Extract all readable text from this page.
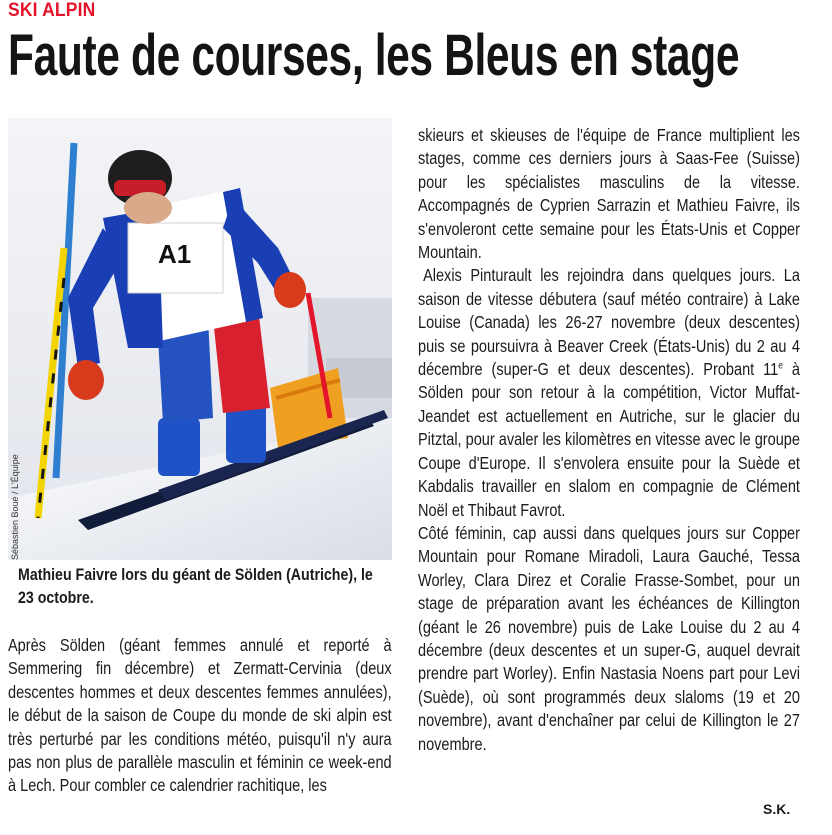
SKI ALPIN
Faute de courses, les Bleus en stage
A1
Sébastien Boué / L'Équipe
Mathieu Faivre lors du géant de Sölden (Autriche), le 23 octobre.
Après Sölden (géant femmes annulé et reporté à Semmering fin décembre) et Zermatt-Cervinia (deux descentes hommes et deux descentes femmes annulées), le début de la saison de Coupe du monde de ski alpin est très perturbé par les conditions météo, puisqu'il n'y aura pas non plus de parallèle masculin et féminin ce week-end à Lech. Pour combler ce calendrier rachitique, les

skieurs et skieuses de l'équipe de France multiplient les stages, comme ces derniers jours à Saas-Fee (Suisse) pour les spécialistes masculins de la vitesse. Accompagnés de Cyprien Sarrazin et Mathieu Faivre, ils s'envoleront cette semaine pour les États-Unis et Copper Mountain.

Alexis Pinturault les rejoindra dans quelques jours. La saison de vitesse débutera (sauf météo contraire) à Lake Louise (Canada) les 26-27 novembre (deux descentes) puis se poursuivra à Beaver Creek (États-Unis) du 2 au 4 décembre (super-G et deux descentes). Probant 11e à Sölden pour son retour à la compétition, Victor Muffat-Jeandet est actuellement en Autriche, sur le glacier du Pitztal, pour avaler les kilomètres en vitesse avec le groupe Coupe d'Europe. Il s'envolera ensuite pour la Suède et Kabdalis travailler en slalom en compagnie de Clément Noël et Thibaut Favrot.

Côté féminin, cap aussi dans quelques jours sur Copper Mountain pour Romane Miradoli, Laura Gauché, Tessa Worley, Clara Direz et Coralie Frasse-Sombet, pour un stage de préparation avant les échéances de Killington (géant le 26 novembre) puis de Lake Louise du 2 au 4 décembre (deux descentes et un super-G, auquel devrait prendre part Worley). Enfin Nastasia Noens part pour Levi (Suède), où sont programmés deux slaloms (19 et 20 novembre), avant d'enchaîner par celui de Killington le 27 novembre.

S.K.
